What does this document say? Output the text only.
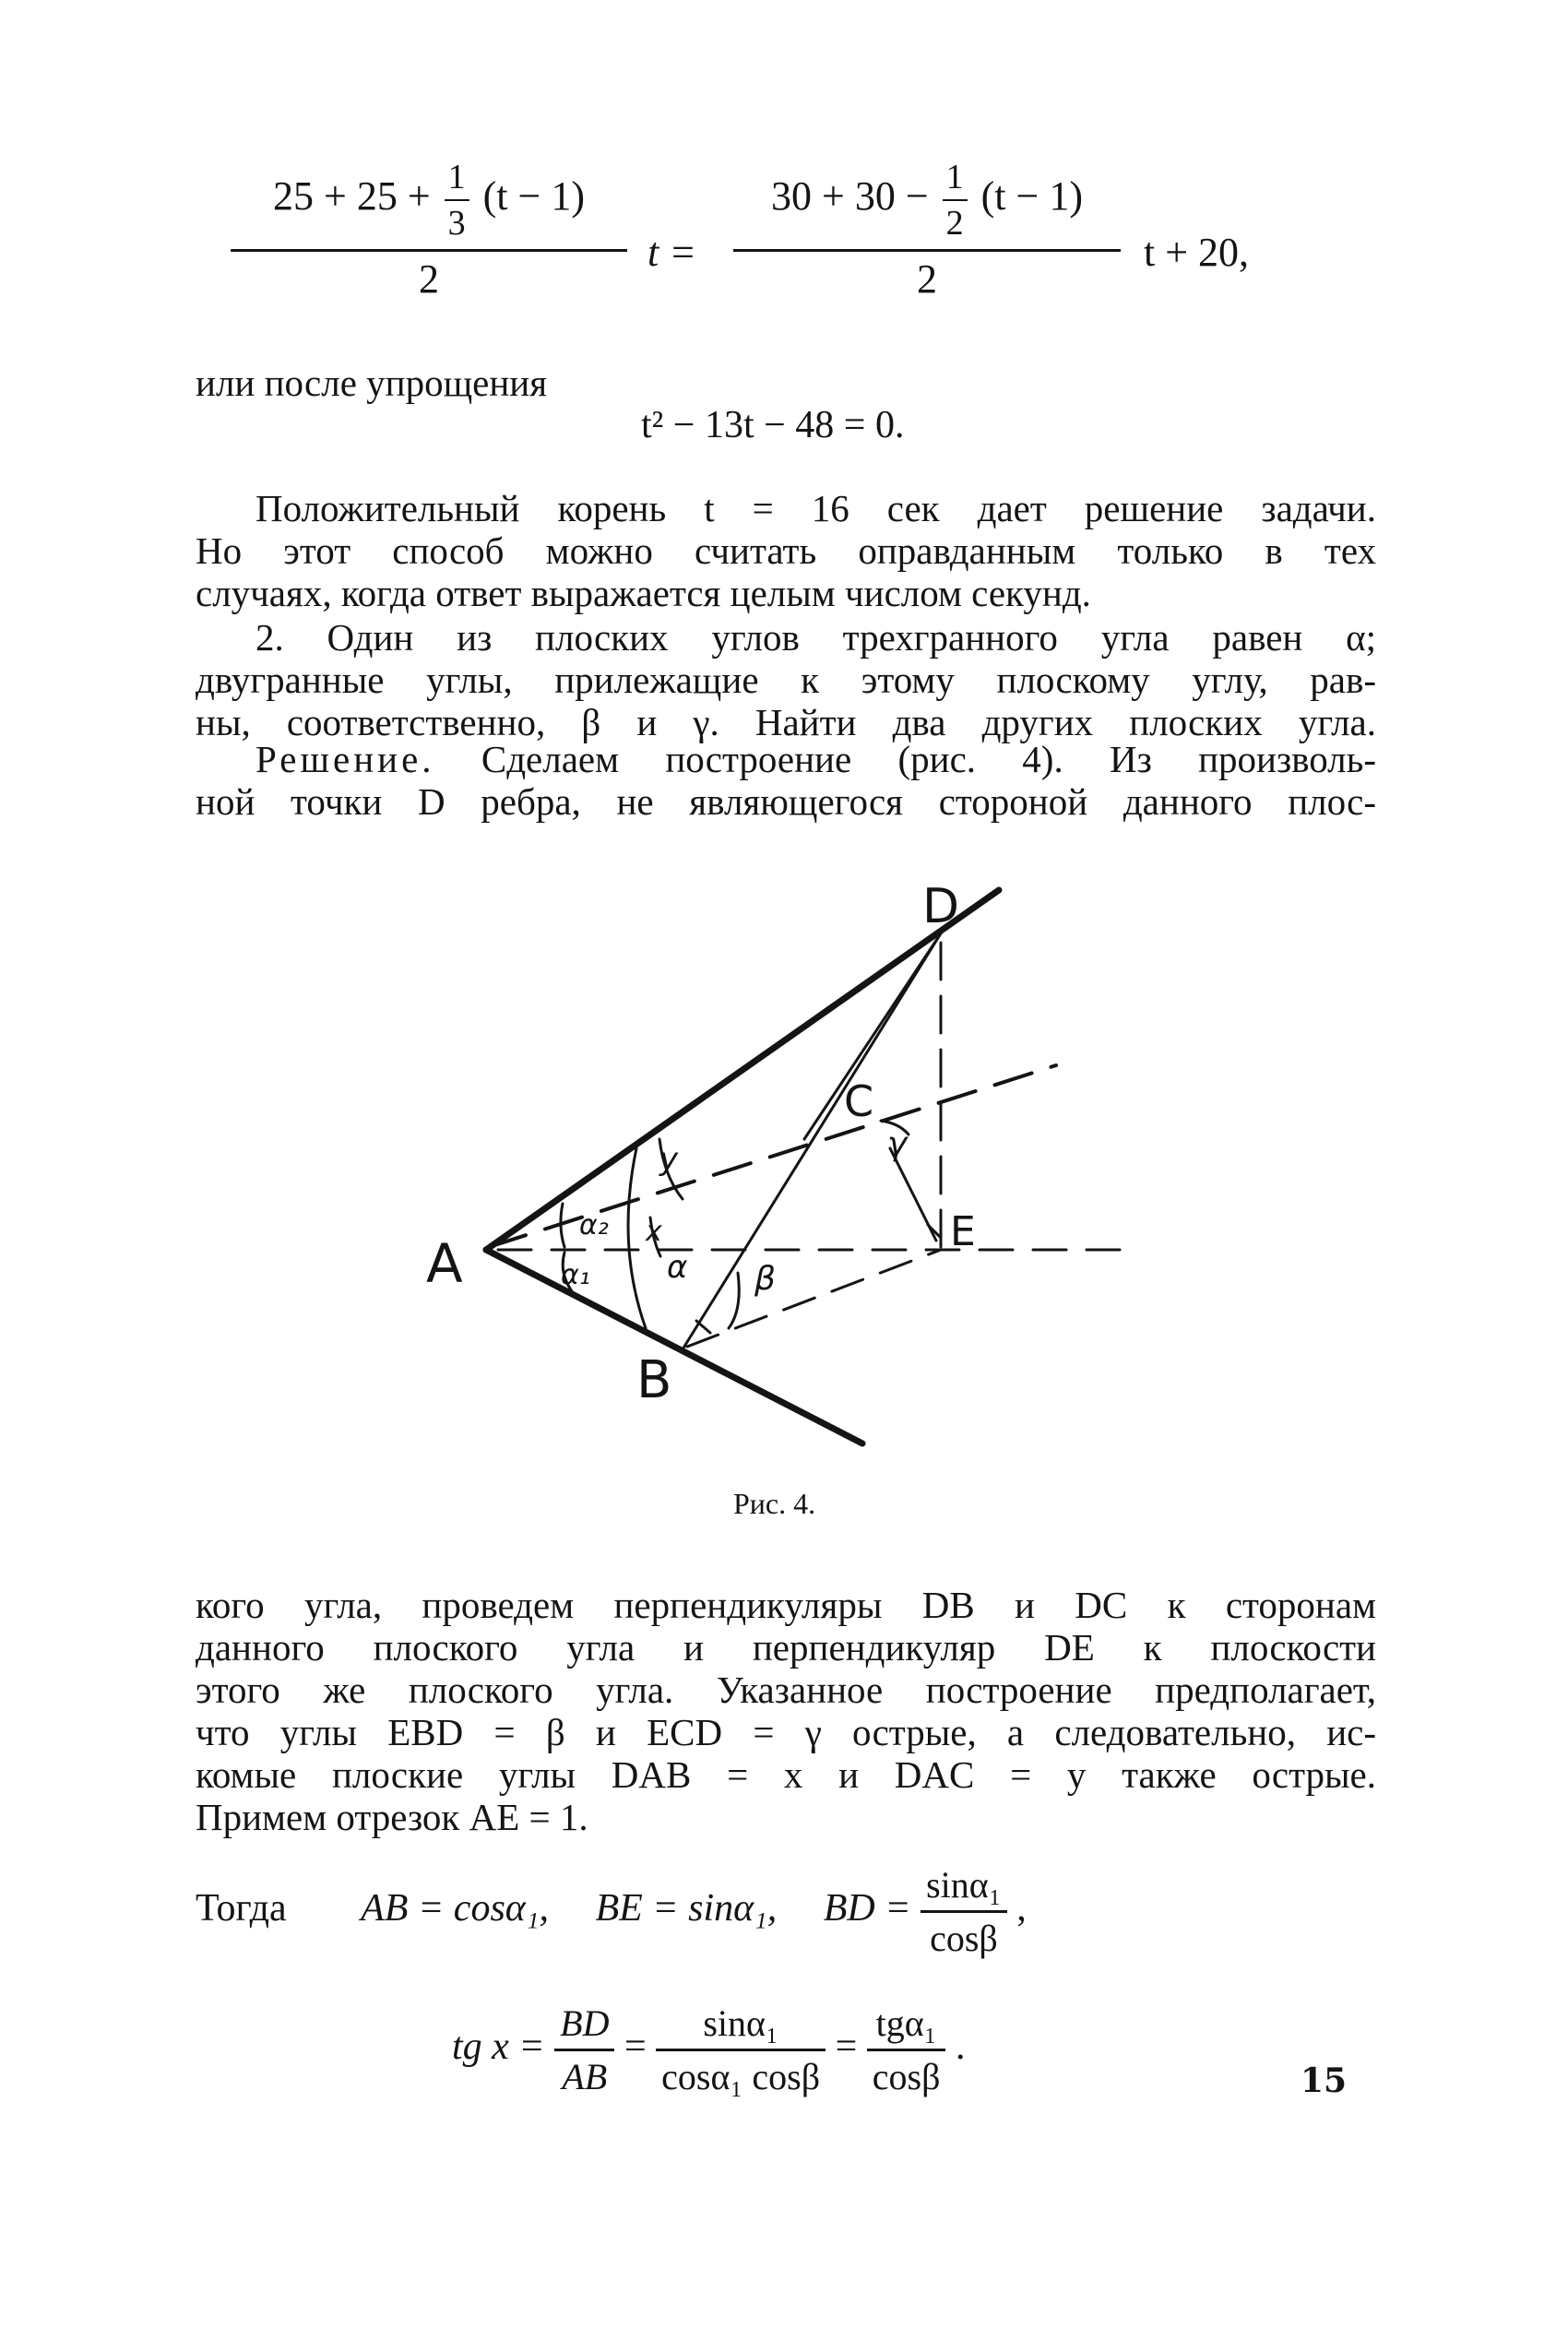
$25 + 25 + \frac{1}{3} (t - 1)$
2
t =
$30 + 30 - \frac{1}{2} (t - 1)$
2
t + 20,
или после упрощения
t² − 13t − 48 = 0.
Положительный корень t = 16 сек дает решение задачи.
Но этот способ можно считать оправданным только в тех
случаях, когда ответ выражается целым числом секунд.
2. Один из плоских углов трехгранного угла равен α;
двугранные углы, прилежащие к этому плоскому углу, рав-
ны, соответственно, β и γ. Найти два других плоских угла.
Решение. Сделаем построение (рис. 4). Из произволь-
ной точки D ребра, не являющегося стороной данного плос-
A
B
C
D
E
α₂
α₁
x
α
y
β
γ
Рис. 4.
кого угла, проведем перпендикуляры DB и DC к сторонам
данного плоского угла и перпендикуляр DE к плоскости
этого же плоского угла. Указанное построение предполагает,
что углы EBD = β и ECD = γ острые, а следовательно, ис-
комые плоские углы DAB = x и DAC = y также острые.
Примем отрезок AE = 1.
Тогда AB = cosα₁, BE = sinα₁, BD = $\frac{\text{sinα₁}}{\cos\beta}$ ,
tg $x = \frac{BD}{AB} = \frac{\text{sinα₁}}{\text{cosα₁ cosβ}} = \frac{\text{tgα₁}}{\cos\beta}$ .
15
